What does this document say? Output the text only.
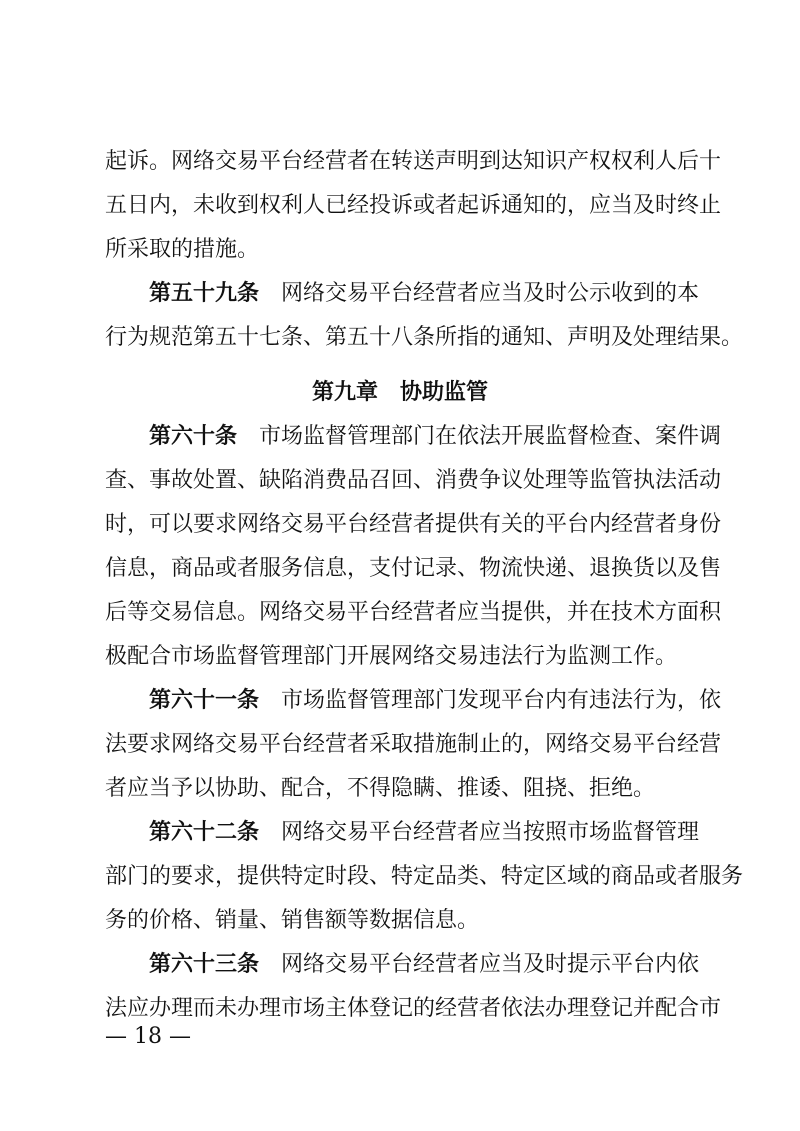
起诉。网络交易平台经营者在转送声明到达知识产权权利人后十
五日内，未收到权利人已经投诉或者起诉通知的，应当及时终止
所采取的措施。
第五十九条 网络交易平台经营者应当及时公示收到的本
行为规范第五十七条、第五十八条所指的通知、声明及处理结果。
第九章　协助监管
第六十条 市场监督管理部门在依法开展监督检查、案件调
查、事故处置、缺陷消费品召回、消费争议处理等监管执法活动
时，可以要求网络交易平台经营者提供有关的平台内经营者身份
信息，商品或者服务信息，支付记录、物流快递、退换货以及售
后等交易信息。网络交易平台经营者应当提供，并在技术方面积
极配合市场监督管理部门开展网络交易违法行为监测工作。
第六十一条 市场监督管理部门发现平台内有违法行为，依
法要求网络交易平台经营者采取措施制止的，网络交易平台经营
者应当予以协助、配合，不得隐瞒、推诿、阻挠、拒绝。
第六十二条 网络交易平台经营者应当按照市场监督管理
部门的要求，提供特定时段、特定品类、特定区域的商品或者服务
务的价格、销量、销售额等数据信息。
第六十三条 网络交易平台经营者应当及时提示平台内依
法应办理而未办理市场主体登记的经营者依法办理登记并配合市
— 18 —
